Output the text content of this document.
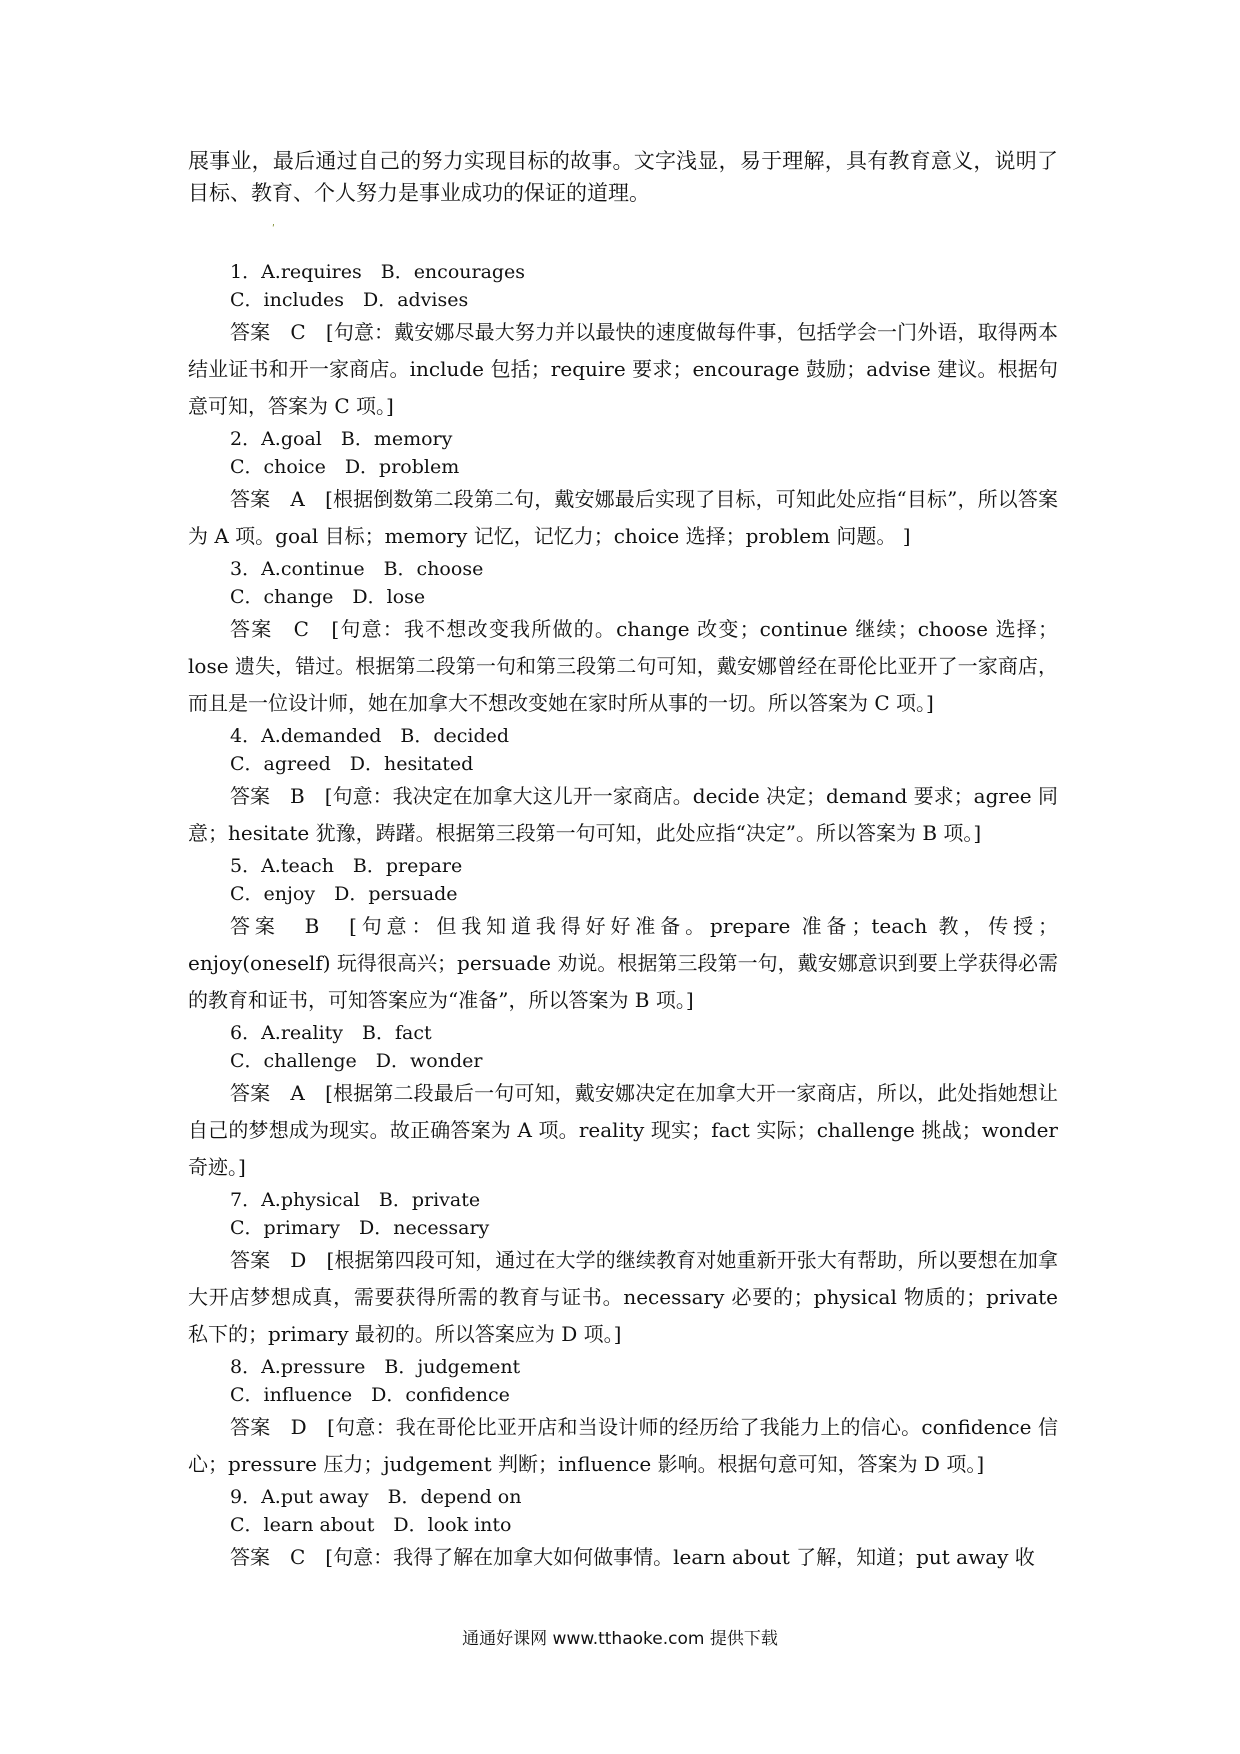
展事业，最后通过自己的努力实现目标的故事。文字浅显，易于理解，具有教育意义，说明了目标、教育、个人努力是事业成功的保证的道理。

ʹ

1．A.requires　B．encourages

C．includes　D．advises

答案　C　[句意：戴安娜尽最大努力并以最快的速度做每件事，包括学会一门外语，取得两本结业证书和开一家商店。include 包括；require 要求；encourage 鼓励；advise 建议。根据句意可知，答案为 C 项。]

2．A.goal　B．memory

C．choice　D．problem

答案　A　[根据倒数第二段第二句，戴安娜最后实现了目标，可知此处应指“目标”，所以答案为 A 项。goal 目标；memory 记忆，记忆力；choice 选择；problem 问题。 ]

3．A.continue　B．choose

C．change　D．lose

答案　C　[句意：我不想改变我所做的。change 改变；continue 继续；choose 选择；lose 遗失，错过。根据第二段第一句和第三段第二句可知，戴安娜曾经在哥伦比亚开了一家商店，而且是一位设计师，她在加拿大不想改变她在家时所从事的一切。所以答案为 C 项。]

4．A.demanded　B．decided

C．agreed　D．hesitated

答案　B　[句意：我决定在加拿大这儿开一家商店。decide 决定；demand 要求；agree 同意；hesitate 犹豫，踌躇。根据第三段第一句可知，此处应指“决定”。所以答案为 B 项。]

5．A.teach　B．prepare

C．enjoy　D．persuade

答案　B　[句意：但我知道我得好好准备。prepare 准备；teach 教，传授；enjoy(oneself) 玩得很高兴；persuade 劝说。根据第三段第一句，戴安娜意识到要上学获得必需的教育和证书，可知答案应为“准备”，所以答案为 B 项。]

6．A.reality　B．fact

C．challenge　D．wonder

答案　A　[根据第二段最后一句可知，戴安娜决定在加拿大开一家商店，所以，此处指她想让自己的梦想成为现实。故正确答案为 A 项。reality 现实；fact 实际；challenge 挑战；wonder 奇迹。]

7．A.physical　B．private

C．primary　D．necessary

答案　D　[根据第四段可知，通过在大学的继续教育对她重新开张大有帮助，所以要想在加拿大开店梦想成真，需要获得所需的教育与证书。necessary 必要的；physical 物质的；private 私下的；primary 最初的。所以答案应为 D 项。]

8．A.pressure　B．judgement

C．influence　D．confidence

答案　D　[句意：我在哥伦比亚开店和当设计师的经历给了我能力上的信心。confidence 信心；pressure 压力；judgement 判断；influence 影响。根据句意可知，答案为 D 项。]

9．A.put away　B．depend on

C．learn about　D．look into

答案　C　[句意：我得了解在加拿大如何做事情。learn about 了解，知道；put away 收

通通好课网 www.tthaoke.com 提供下载
